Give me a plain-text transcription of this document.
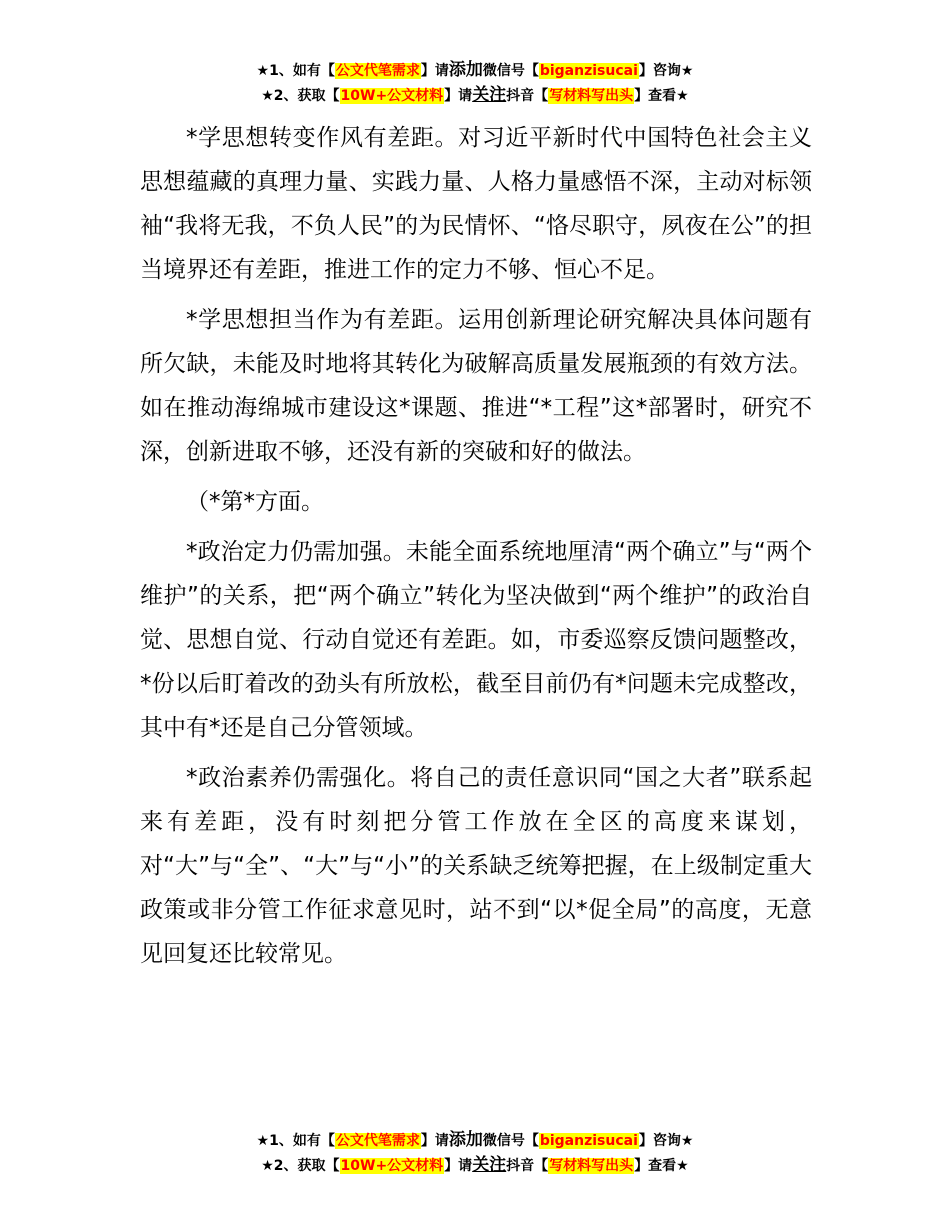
★1、如有【公文代笔需求】请添加微信号【biganzisucai】咨询★
★2、获取【10W+公文材料】请关注抖音【写材料写出头】查看★

*学思想转变作风有差距。对习近平新时代中国特色社会主义思想蕴藏的真理力量、实践力量、人格力量感悟不深，主动对标领袖“我将无我，不负人民”的为民情怀、“恪尽职守，夙夜在公”的担当境界还有差距，推进工作的定力不够、恒心不足。

*学思想担当作为有差距。运用创新理论研究解决具体问题有所欠缺，未能及时地将其转化为破解高质量发展瓶颈的有效方法。如在推动海绵城市建设这*课题、推进“*工程”这*部署时，研究不深，创新进取不够，还没有新的突破和好的做法。

（*第*方面。

*政治定力仍需加强。未能全面系统地厘清“两个确立”与“两个维护”的关系，把“两个确立”转化为坚决做到“两个维护”的政治自觉、思想自觉、行动自觉还有差距。如，市委巡察反馈问题整改，*份以后盯着改的劲头有所放松，截至目前仍有*问题未完成整改，其中有*还是自己分管领域。

*政治素养仍需强化。将自己的责任意识同“国之大者”联系起来有差距，没有时刻把分管工作放在全区的高度来谋划，对“大”与“全”、“大”与“小”的关系缺乏统筹把握，在上级制定重大政策或非分管工作征求意见时，站不到“以*促全局”的高度，无意见回复还比较常见。

★1、如有【公文代笔需求】请添加微信号【biganzisucai】咨询★
★2、获取【10W+公文材料】请关注抖音【写材料写出头】查看★
